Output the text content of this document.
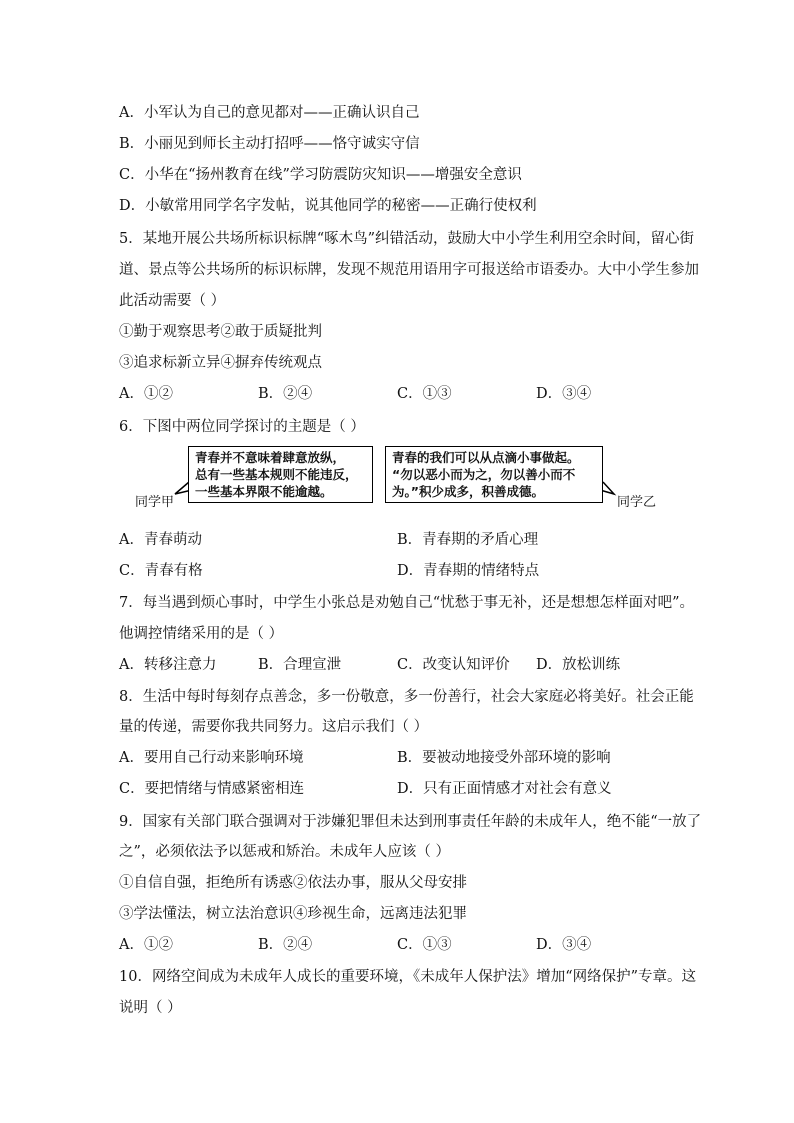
A．小军认为自己的意见都对——正确认识自己
B．小丽见到师长主动打招呼——恪守诚实守信
C．小华在“扬州教育在线”学习防震防灾知识——增强安全意识
D．小敏常用同学名字发帖，说其他同学的秘密——正确行使权利
5．某地开展公共场所标识标牌“啄木鸟”纠错活动，鼓励大中小学生利用空余时间，留心街
道、景点等公共场所的标识标牌，发现不规范用语用字可报送给市语委办。大中小学生参加
此活动需要（ ）
①勤于观察思考②敢于质疑批判
③追求标新立异④摒弃传统观点
A．①②	B．②④	C．①③	D．③④
6．下图中两位同学探讨的主题是（ ）
青春并不意味着肆意放纵，
总有一些基本规则不能违反，
一些基本界限不能逾越。
青春的我们可以从点滴小事做起。
“勿以恶小而为之，勿以善小而不
为。”积少成多，积善成德。
同学甲	同学乙
A．青春萌动	B．青春期的矛盾心理
C．青春有格	D．青春期的情绪特点
7．每当遇到烦心事时，中学生小张总是劝勉自己“忧愁于事无补，还是想想怎样面对吧”。
他调控情绪采用的是（ ）
A．转移注意力	B．合理宣泄	C．改变认知评价 D．放松训练
8．生活中每时每刻存点善念，多一份敬意，多一份善行，社会大家庭必将美好。社会正能
量的传递，需要你我共同努力。这启示我们（ ）
A．要用自己行动来影响环境	B．要被动地接受外部环境的影响
C．要把情绪与情感紧密相连	D．只有正面情感才对社会有意义
9．国家有关部门联合强调对于涉嫌犯罪但未达到刑事责任年龄的未成年人，绝不能“一放了
之”，必须依法予以惩戒和矫治。未成年人应该（ ）
①自信自强，拒绝所有诱惑②依法办事，服从父母安排
③学法懂法，树立法治意识④珍视生命，远离违法犯罪
A．①②	B．②④	C．①③	D．③④
10．网络空间成为未成年人成长的重要环境，《未成年人保护法》增加“网络保护”专章。这
说明（ ）
